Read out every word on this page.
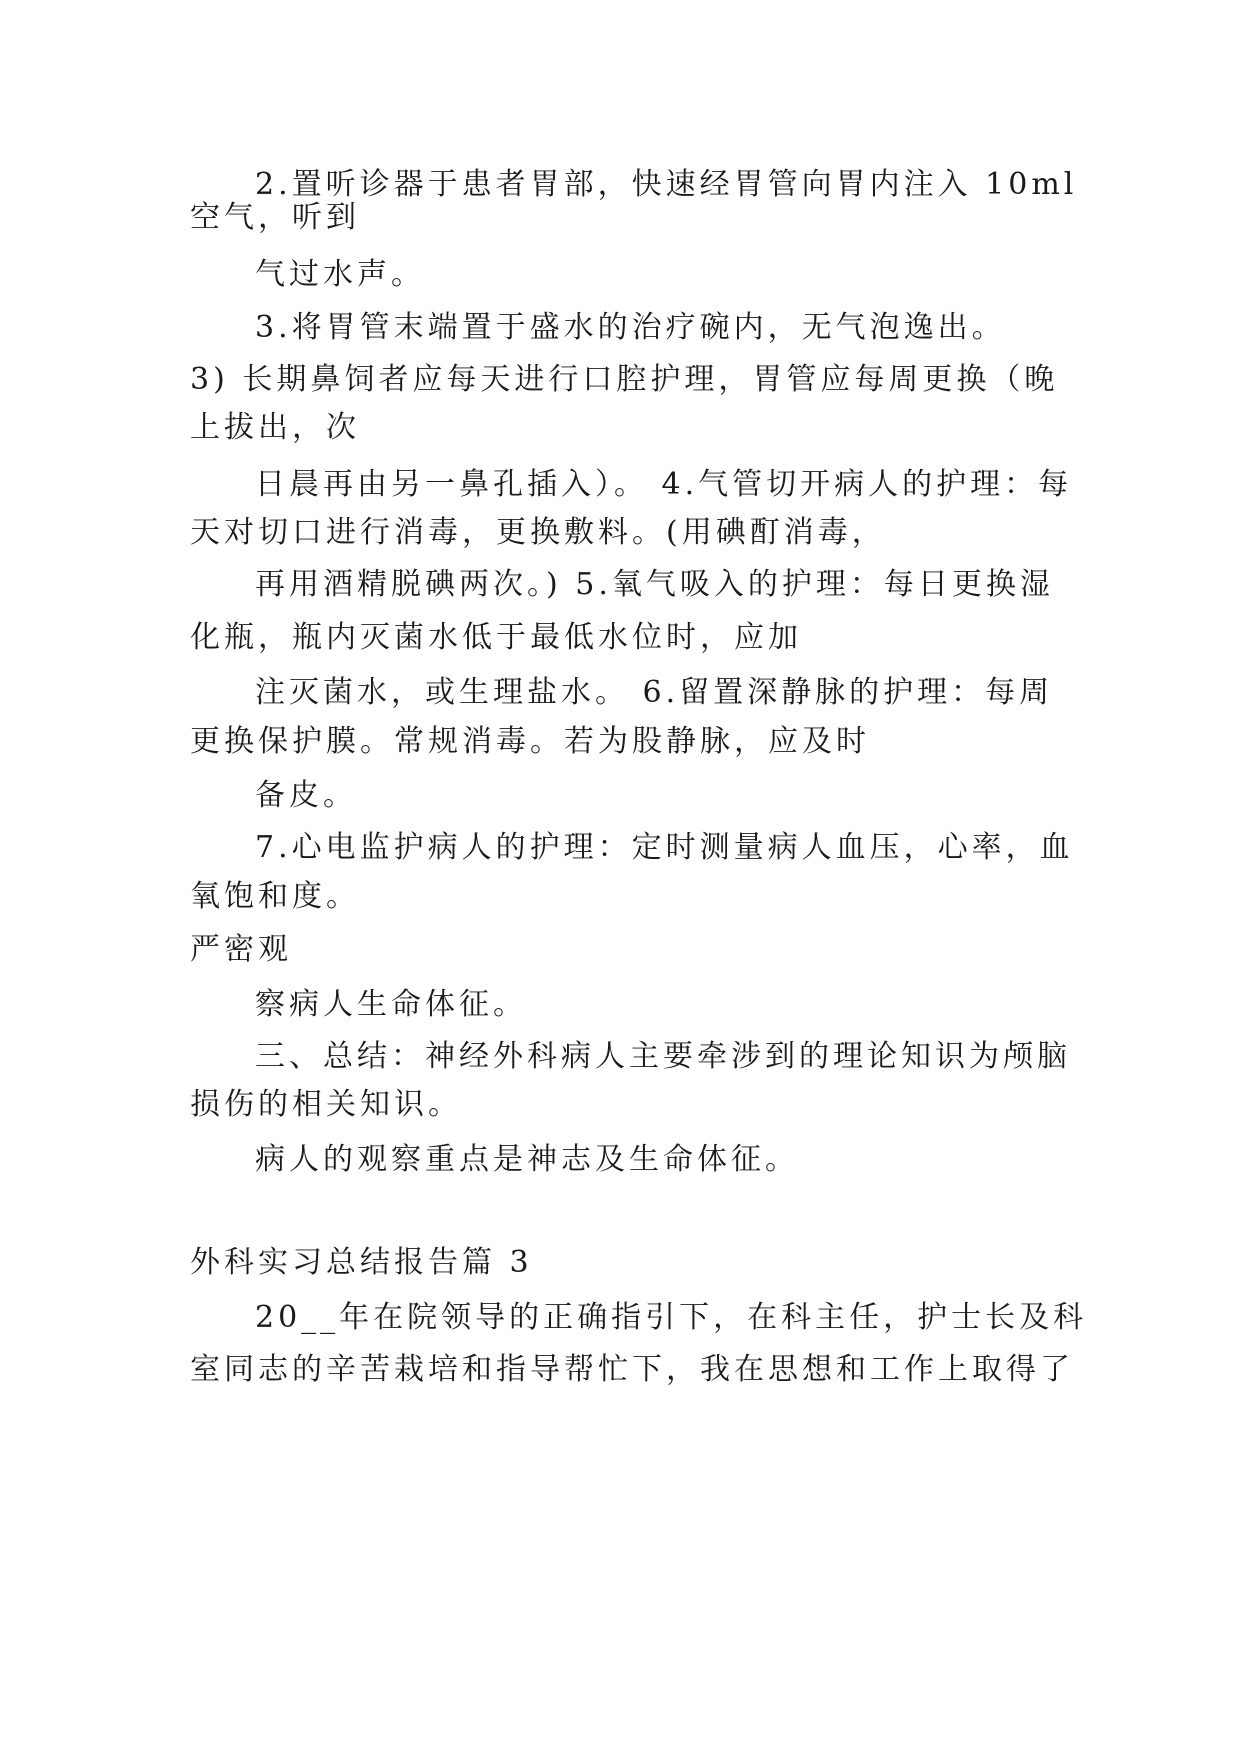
2.置听诊器于患者胃部，快速经胃管向胃内注入 10ml
空气，听到
气过水声。
3.将胃管末端置于盛水的治疗碗内，无气泡逸出。
3) 长期鼻饲者应每天进行口腔护理，胃管应每周更换（晚
上拔出，次
日晨再由另一鼻孔插入）。 4.气管切开病人的护理：每
天对切口进行消毒，更换敷料。(用碘酊消毒，
再用酒精脱碘两次。) 5.氧气吸入的护理：每日更换湿
化瓶，瓶内灭菌水低于最低水位时，应加
注灭菌水，或生理盐水。 6.留置深静脉的护理：每周
更换保护膜。常规消毒。若为股静脉，应及时
备皮。
7.心电监护病人的护理：定时测量病人血压，心率，血
氧饱和度。
严密观
察病人生命体征。
三、总结：神经外科病人主要牵涉到的理论知识为颅脑
损伤的相关知识。
病人的观察重点是神志及生命体征。
外科实习总结报告篇 3
20__年在院领导的正确指引下，在科主任，护士长及科
室同志的辛苦栽培和指导帮忙下，我在思想和工作上取得了
